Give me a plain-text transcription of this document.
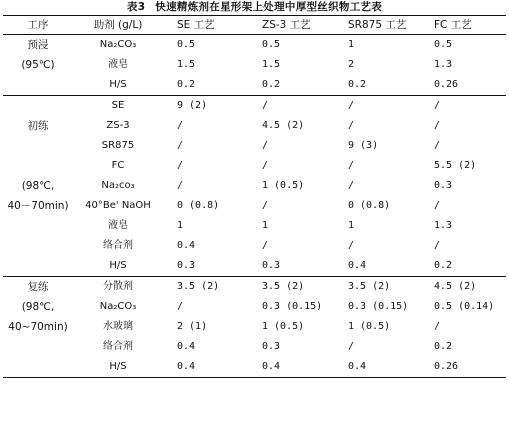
表3 快速精炼剂在星形架上处理中厚型丝织物工艺表
工序	助剂 (g/L)	SE 工艺	ZS-3 工艺	SR875 工艺	FC 工艺

预浸
(95℃)	Na₂CO₃	0.5	0.5	1	0.5
	液皂	1.5	1.5	2	1.3
	H/S	0.2	0.2	0.2	0.26

初练
(98℃,
40－70min)	SE	9 (2)	/	/	/
	ZS-3	/	4.5 (2)	/	/
	SR875	/	/	9 (3)	/
	FC	/	/	/	5.5 (2)
	Na₂co₃	/	1 (0.5)	/	0.3
	40°Be' NaOH	0 (0.8)	/	0 (0.8)	/
	液皂	1	1	1	1.3
	络合剂	0.4	/	/	/
	H/S	0.3	0.3	0.4	0.2

复练
(98℃,
40~70min)	分散剂	3.5 (2)	3.5 (2)	3.5 (2)	4.5 (2)
	Na₂CO₃	/	0.3 (0.15)	0.3 (0.15)	0.5 (0.14)
	水玻璃	2 (1)	1 (0.5)	1 (0.5)	/
	络合剂	0.4	0.3	/	0.2
	H/S	0.4	0.4	0.4	0.26
